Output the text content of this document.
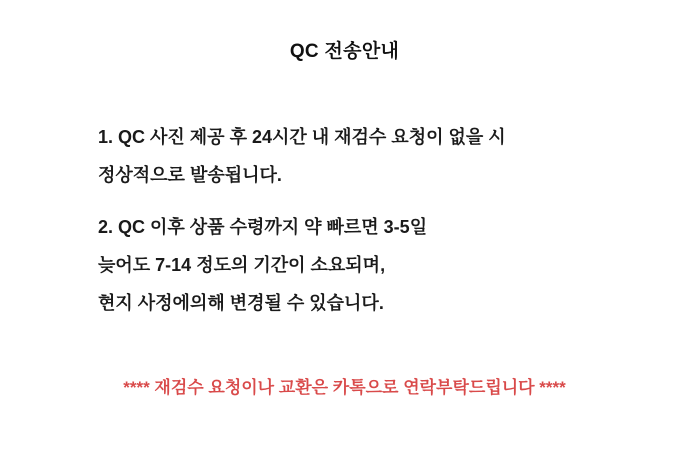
QC 전송안내
1. QC 사진 제공 후 24시간 내 재검수 요청이 없을 시
정상적으로 발송됩니다.
2. QC 이후 상품 수령까지 약 빠르면 3-5일
늦어도 7-14 정도의 기간이 소요되며,
현지 사정에의해 변경될 수 있습니다.
**** 재검수 요청이나 교환은 카톡으로 연락부탁드립니다 ****
